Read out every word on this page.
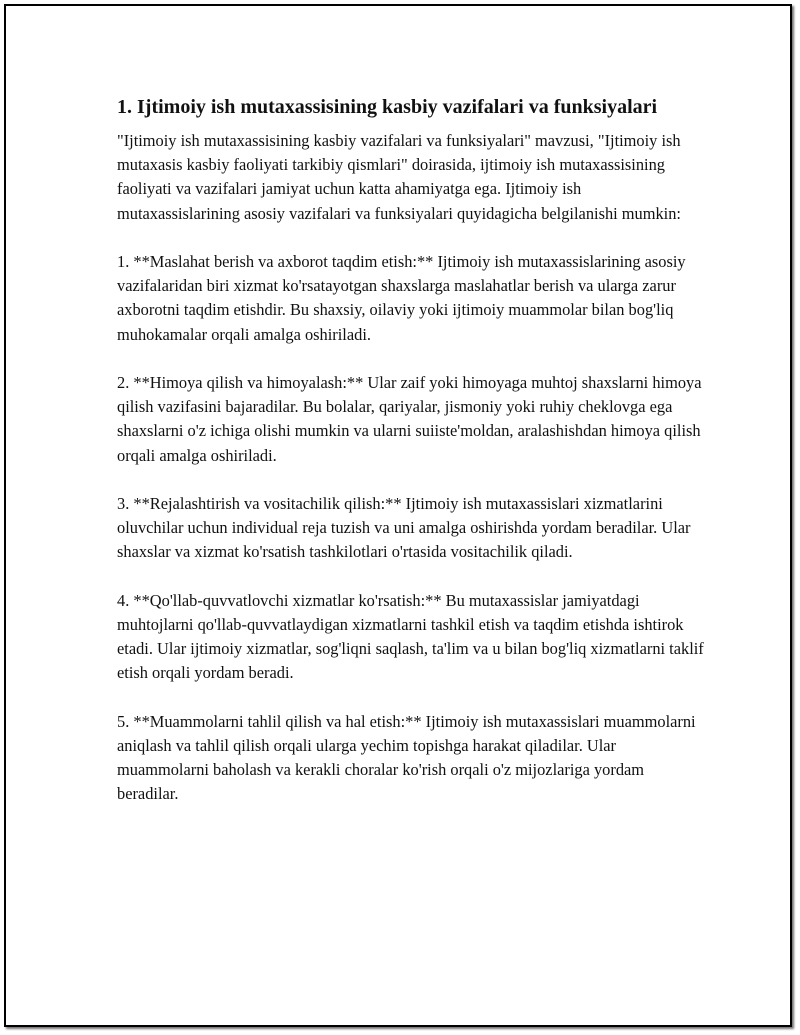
1. Ijtimoiy ish mutaxassisining kasbiy vazifalari va funksiyalari

"Ijtimoiy ish mutaxassisining kasbiy vazifalari va funksiyalari" mavzusi, "Ijtimoiy ish mutaxasis kasbiy faoliyati tarkibiy qismlari" doirasida, ijtimoiy ish mutaxassisining faoliyati va vazifalari jamiyat uchun katta ahamiyatga ega. Ijtimoiy ish mutaxassislarining asosiy vazifalari va funksiyalari quyidagicha belgilanishi mumkin:

1. **Maslahat berish va axborot taqdim etish:** Ijtimoiy ish mutaxassislarining asosiy vazifalaridan biri xizmat ko'rsatayotgan shaxslarga maslahatlar berish va ularga zarur axborotni taqdim etishdir. Bu shaxsiy, oilaviy yoki ijtimoiy muammolar bilan bog'liq muhokamalar orqali amalga oshiriladi.

2. **Himoya qilish va himoyalash:** Ular zaif yoki himoyaga muhtoj shaxslarni himoya qilish vazifasini bajaradilar. Bu bolalar, qariyalar, jismoniy yoki ruhiy cheklovga ega shaxslarni o'z ichiga olishi mumkin va ularni suiiste'moldan, aralashishdan himoya qilish orqali amalga oshiriladi.

3. **Rejalashtirish va vositachilik qilish:** Ijtimoiy ish mutaxassislari xizmatlarini oluvchilar uchun individual reja tuzish va uni amalga oshirishda yordam beradilar. Ular shaxslar va xizmat ko'rsatish tashkilotlari o'rtasida vositachilik qiladi.

4. **Qo'llab-quvvatlovchi xizmatlar ko'rsatish:** Bu mutaxassislar jamiyatdagi muhtojlarni qo'llab-quvvatlaydigan xizmatlarni tashkil etish va taqdim etishda ishtirok etadi. Ular ijtimoiy xizmatlar, sog'liqni saqlash, ta'lim va u bilan bog'liq xizmatlarni taklif etish orqali yordam beradi.

5. **Muammolarni tahlil qilish va hal etish:** Ijtimoiy ish mutaxassislari muammolarni aniqlash va tahlil qilish orqali ularga yechim topishga harakat qiladilar. Ular muammolarni baholash va kerakli choralar ko'rish orqali o'z mijozlariga yordam beradilar.
